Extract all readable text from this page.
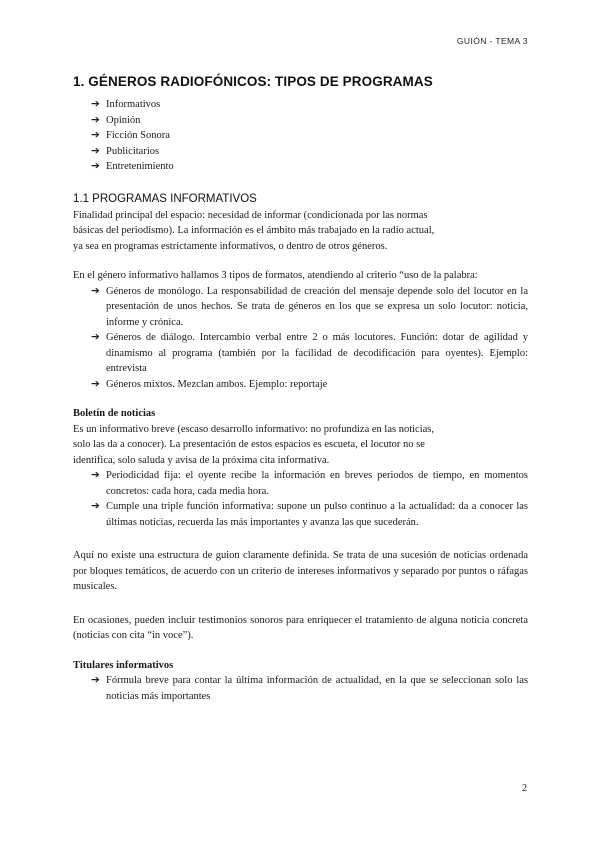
GUIÓN - TEMA 3
1. GÉNEROS RADIOFÓNICOS: TIPOS DE PROGRAMAS
➔ Informativos
➔ Opinión
➔ Ficción Sonora
➔ Publicitarios
➔ Entretenimiento
1.1 PROGRAMAS INFORMATIVOS

Finalidad principal del espacio: necesidad de informar (condicionada por las normas

básicas del periodismo). La información es el ámbito más trabajado en la radio actual,

ya sea en programas estrictamente informativos, o dentro de otros géneros.

En el género informativo hallamos 3 tipos de formatos, atendiendo al criterio “uso de la palabra:

➔ Géneros de monólogo. La responsabilidad de creación del mensaje depende solo del locutor en la presentación de unos hechos. Se trata de géneros en los que se expresa un solo locutor: noticia, informe y crónica.
➔ Géneros de diálogo. Intercambio verbal entre 2 o más locutores. Función: dotar de agilidad y dinamismo al programa (también por la facilidad de decodificación para oyentes). Ejemplo: entrevista
➔ Géneros mixtos. Mezclan ambos. Ejemplo: reportaje

Boletín de noticias

Es un informativo breve (escaso desarrollo informativo: no profundiza en las noticias,

solo las da a conocer). La presentación de estos espacios es escueta, el locutor no se

identifica, solo saluda y avisa de la próxima cita informativa.

➔ Periodicidad fija: el oyente recibe la información en breves periodos de tiempo, en momentos concretos: cada hora, cada media hora.
➔ Cumple una triple función informativa: supone un pulso continuo a la actualidad: da a conocer las últimas noticias, recuerda las más importantes y avanza las que sucederán.

Aquí no existe una estructura de guion claramente definida. Se trata de una sucesión de noticias ordenada por bloques temáticos, de acuerdo con un criterio de intereses informativos y separado por puntos o ráfagas musicales.

En ocasiones, pueden incluir testimonios sonoros para enriquecer el tratamiento de alguna noticia concreta (noticias con cita “in voce”).

Titulares informativos

➔ Fórmula breve para contar la última información de actualidad, en la que se seleccionan solo las noticias más importantes
2
